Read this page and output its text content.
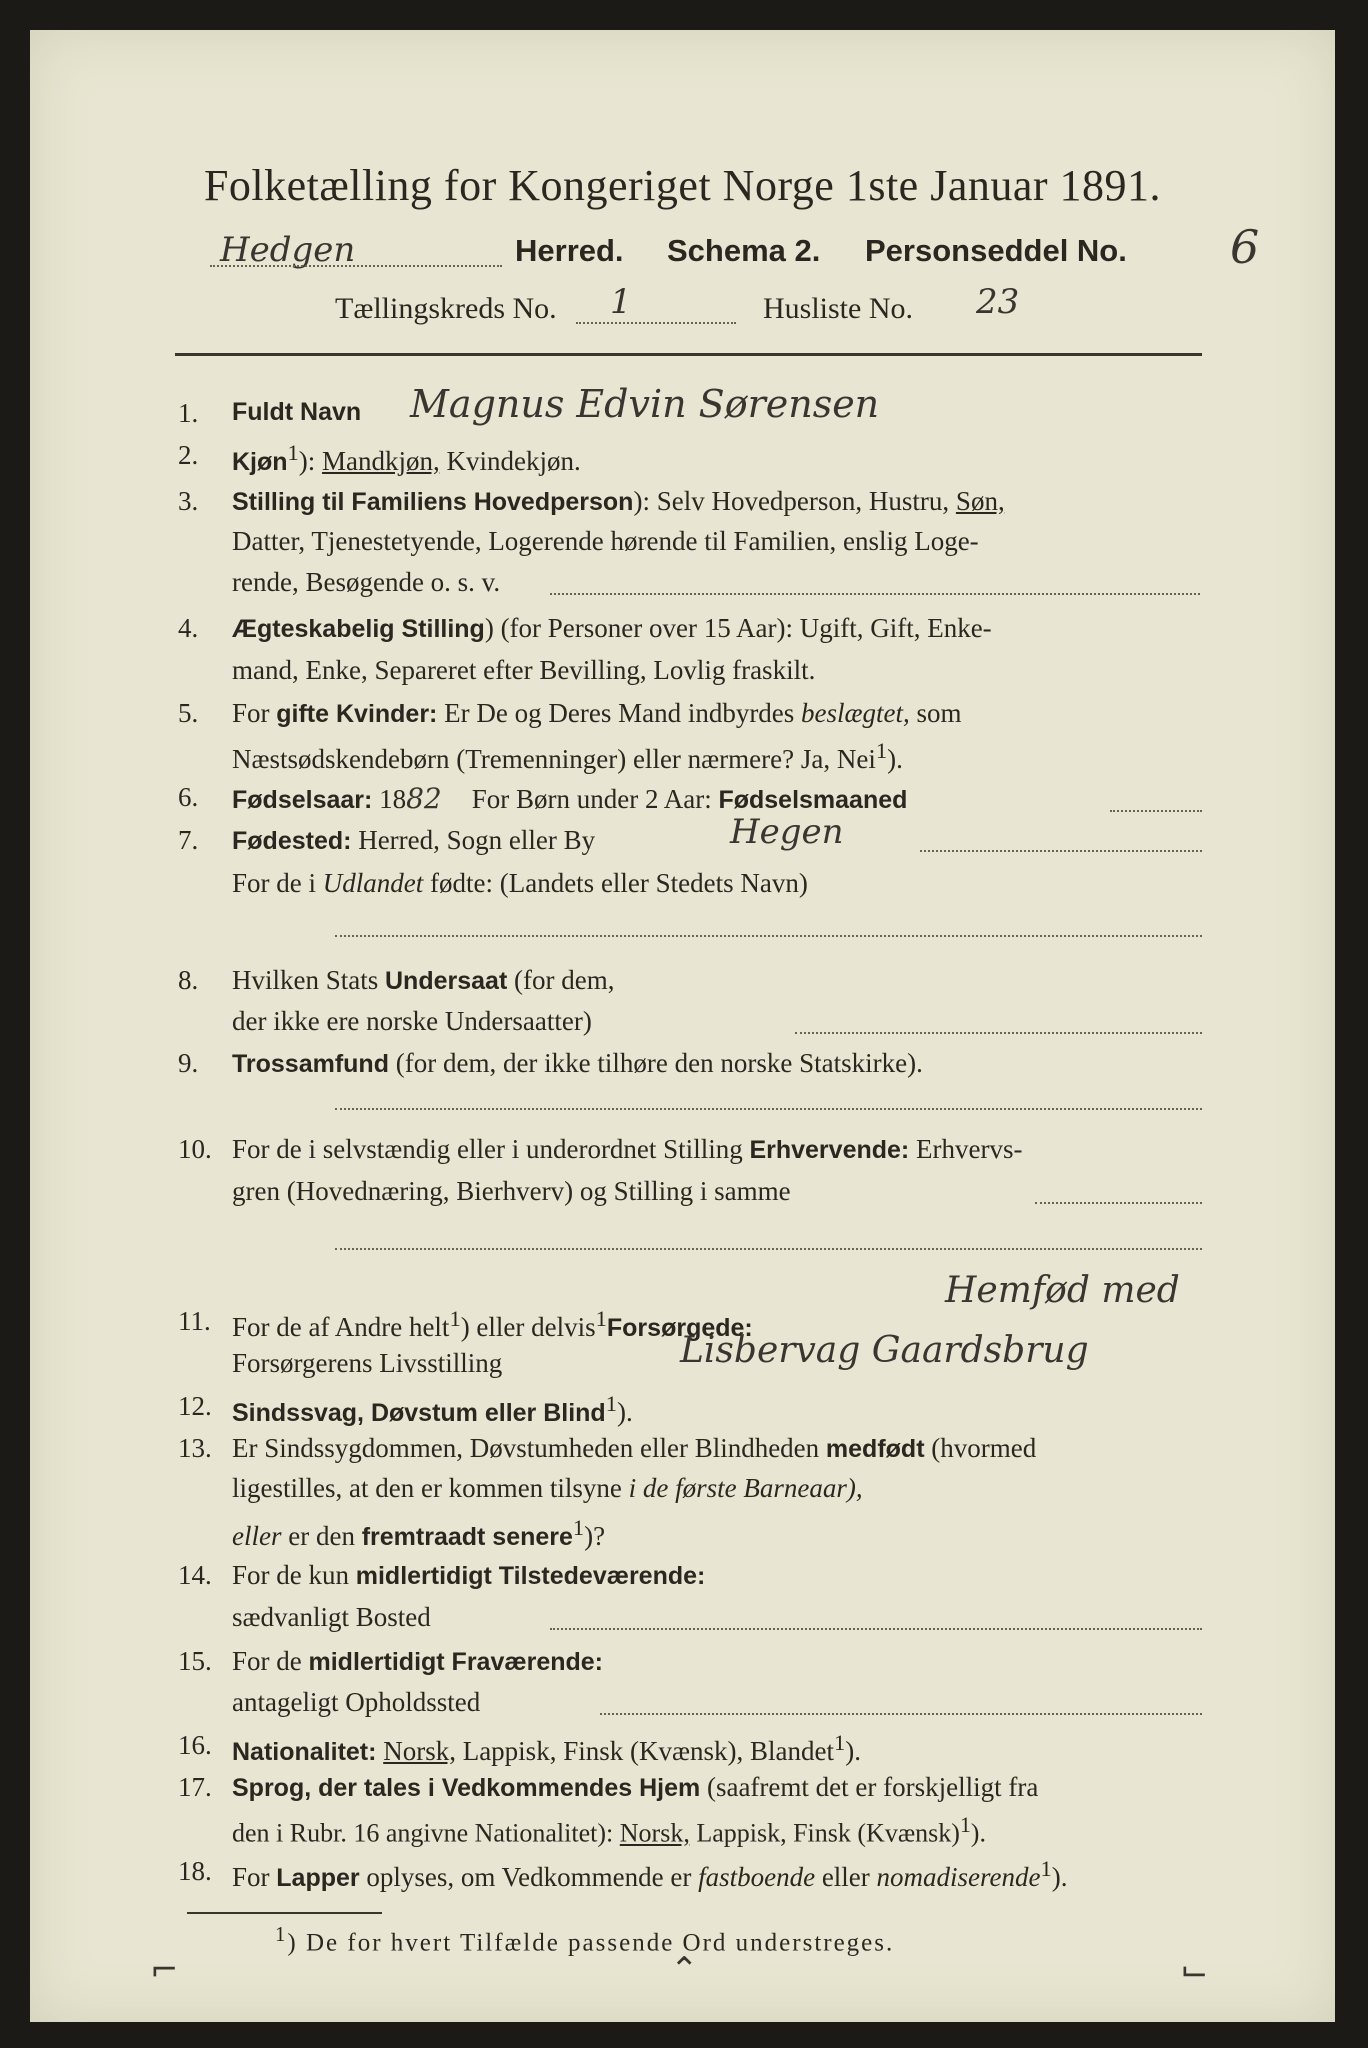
Folketælling for Kongeriget Norge 1ste Januar 1891.
Hedgen	Herred. Schema 2. Personseddel No. 6
Tællingskreds No. 1	Husliste No. 23
1. Fuldt Navn Magnus Edvin Sørensen
2. Kjøn$^1$): Mandkjøn, Kvindekjøn.
3. Stilling til Familiens Hovedperson): Selv Hovedperson, Hustru, Søn,
Datter, Tjenestetyende, Logerende hørende til Familien, enslig Loge-
rende, Besøgende o. s. v.
4. Ægteskabelig Stilling) (for Personer over 15 Aar): Ugift, Gift, Enke-
mand, Enke, Separeret efter Bevilling, Lovlig fraskilt.
5. For gifte Kvinder: Er De og Deres Mand indbyrdes beslægtet, som
Næstsødskendebørn (Tremenninger) eller nærmere? Ja, Nei$^1$).
6. Fødselsaar: 1882 For Børn under 2 Aar: Fødselsmaaned
7. Fødested: Herred, Sogn eller By	Hegen
For de i Udlandet fødte: (Landets eller Stedets Navn)
8. Hvilken Stats Undersaat (for dem,
der ikke ere norske Undersaatter)
9. Trossamfund (for dem, der ikke tilhøre den norske Statskirke).
10. For de i selvstændig eller i underordnet Stilling Erhvervende: Erhvervs-
gren (Hovednæring, Bierhverv) og Stilling i samme
11. For de af Andre helt$^1$) eller delvis$^1$Forsørgede:
Hemfød med
Forsørgerens Livsstilling	Lisbervag Gaardsbrug
12. Sindssvag, Døvstum eller Blind$^1$).
13. Er Sindssygdommen, Døvstumheden eller Blindheden medfødt (hvormed
ligestilles, at den er kommen tilsyne i de første Barneaar),
eller er den fremtraadt senere$^1$)?
14. For de kun midlertidigt Tilstedeværende:
sædvanligt Bosted
15. For de midlertidigt Fraværende:
antageligt Opholdssted
16. Nationalitet: Norsk, Lappisk, Finsk (Kvænsk), Blandet$^1$).
17. Sprog, der tales i Vedkommendes Hjem (saafremt det er forskjelligt fra
den i Rubr. 16 angivne Nationalitet): Norsk, Lappisk, Finsk (Kvænsk)$^1$).
18. For Lapper oplyses, om Vedkommende er fastboende eller nomadiserende$^1$).
$^1$) De for hvert Tilfælde passende Ord understreges.
⌐	⌃	⌙
